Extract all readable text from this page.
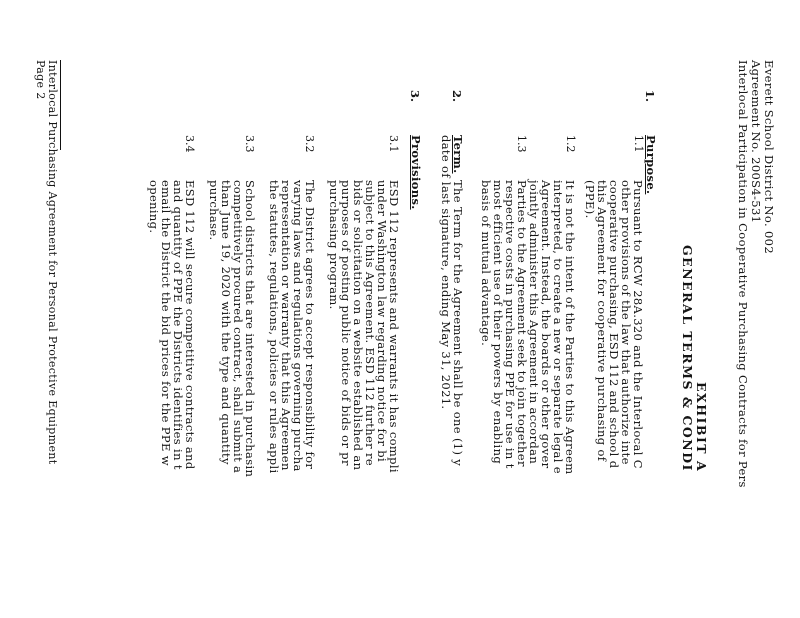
Everett School District No. 002
Agreement No. 200S4-531
Interlocal Participation in Cooperative Purchasing Contracts for Pers
EXHIBIT A
GENERAL TERMS & CONDI
1.
Purpose.
1.1
Pursuant to RCW 28A.320 and the Interlocal C
other provisions of the law that authorize inte
cooperative purchasing, ESD 112 and school d
this Agreement for cooperative purchasing of
(PPE).
1.2
It is not the intent of the Parties to this Agreem
interpreted, to create a new or separate legal e
Agreement. Instead, the boards or other gover
jointly administer this Agreement in accordan
1.3
Parties to the Agreement seek to join together
respective costs in purchasing PPE for use in t
most efficient use of their powers by enabling
basis of mutual advantage.
2.
Term.
The Term for the Agreement shall be one (1) y
date of last signature, ending May 31, 2021.
3.
Provisions.
3.1
ESD 112 represents and warrants it has compli
under Washington law regarding notice for bi
subject to this Agreement. ESD 112 further re
bids or solicitation on a website established an
purposes of posting public notice of bids or pr
purchasing program.
3.2
The District agrees to accept responsibility for
varying laws and regulations governing purcha
representation or warranty that this Agreemen
the statutes, regulations, policies or rules appli
3.3
School districts that are interested in purchasin
competitively procured contract, shall submit a
than June 19, 2020 with the type and quantity
purchase.
3.4
ESD 112 will secure competitive contracts and
and quantity of PPE the Districts identifies in t
email the District the bid prices for the PPE w
opening.
Interlocal Purchasing Agreement for Personal Protective Equipment
Page 2
